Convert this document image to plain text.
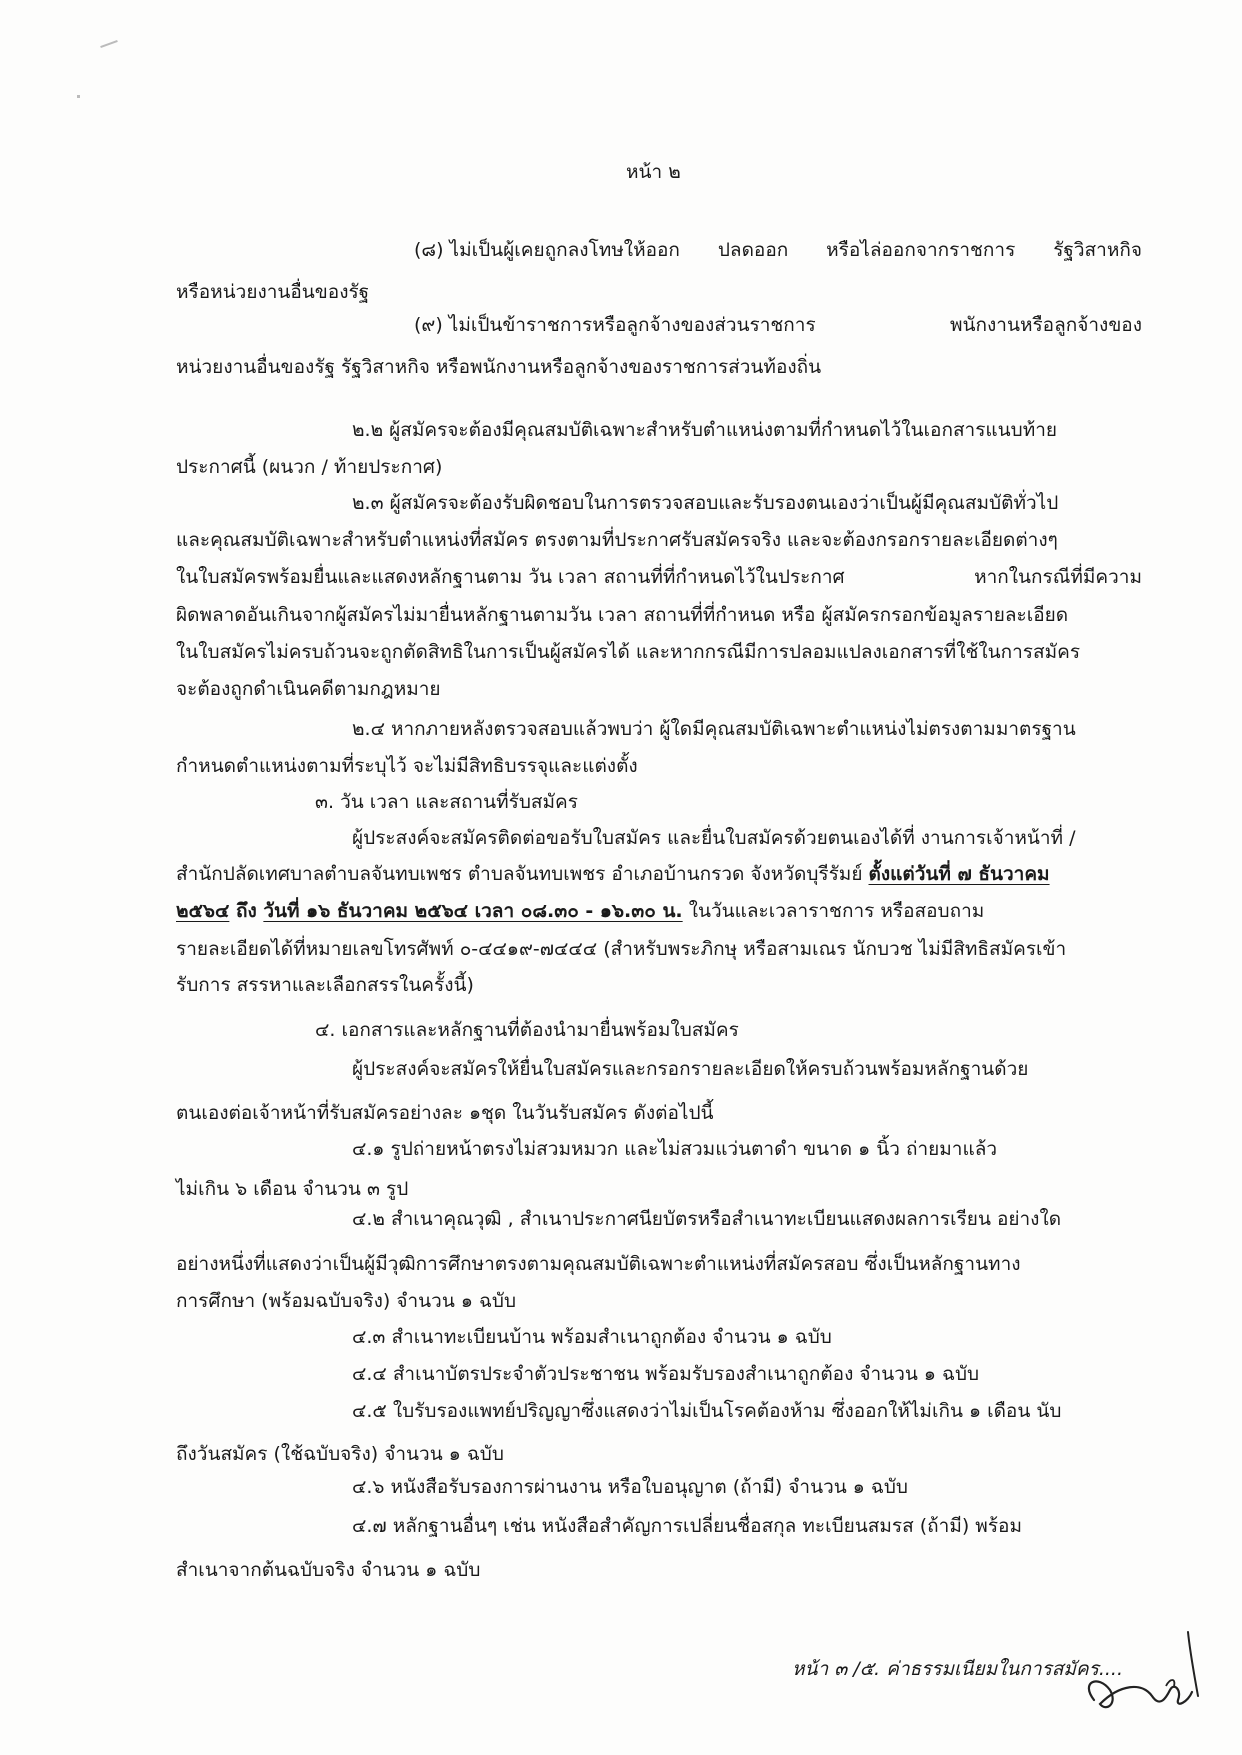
หน้า ๒
(๘) ไม่เป็นผู้เคยถูกลงโทษให้ออก ปลดออก หรือไล่ออกจากราชการ รัฐวิสาหกิจ
หรือหน่วยงานอื่นของรัฐ
(๙) ไม่เป็นข้าราชการหรือลูกจ้างของส่วนราชการ	พนักงานหรือลูกจ้างของ
หน่วยงานอื่นของรัฐ รัฐวิสาหกิจ หรือพนักงานหรือลูกจ้างของราชการส่วนท้องถิ่น
๒.๒ ผู้สมัครจะต้องมีคุณสมบัติเฉพาะสำหรับตำแหน่งตามที่กำหนดไว้ในเอกสารแนบท้าย
ประกาศนี้ (ผนวก / ท้ายประกาศ)
๒.๓ ผู้สมัครจะต้องรับผิดชอบในการตรวจสอบและรับรองตนเองว่าเป็นผู้มีคุณสมบัติทั่วไป
และคุณสมบัติเฉพาะสำหรับตำแหน่งที่สมัคร ตรงตามที่ประกาศรับสมัครจริง และจะต้องกรอกรายละเอียดต่างๆ
ในใบสมัครพร้อมยื่นและแสดงหลักฐานตาม วัน เวลา สถานที่ที่กำหนดไว้ในประกาศ	หากในกรณีที่มีความ
ผิดพลาดอันเกินจากผู้สมัครไม่มายื่นหลักฐานตามวัน เวลา สถานที่ที่กำหนด หรือ ผู้สมัครกรอกข้อมูลรายละเอียด
ในใบสมัครไม่ครบถ้วนจะถูกตัดสิทธิในการเป็นผู้สมัครได้ และหากกรณีมีการปลอมแปลงเอกสารที่ใช้ในการสมัคร
จะต้องถูกดำเนินคดีตามกฎหมาย
๒.๔ หากภายหลังตรวจสอบแล้วพบว่า ผู้ใดมีคุณสมบัติเฉพาะตำแหน่งไม่ตรงตามมาตรฐาน
กำหนดตำแหน่งตามที่ระบุไว้ จะไม่มีสิทธิบรรจุและแต่งตั้ง
๓. วัน เวลา และสถานที่รับสมัคร
ผู้ประสงค์จะสมัครติดต่อขอรับใบสมัคร และยื่นใบสมัครด้วยตนเองได้ที่ งานการเจ้าหน้าที่ /
สำนักปลัดเทศบาลตำบลจันทบเพชร ตำบลจันทบเพชร อำเภอบ้านกรวด จังหวัดบุรีรัมย์ ตั้งแต่วันที่ ๗ ธันวาคม
๒๕๖๔ ถึง วันที่ ๑๖ ธันวาคม ๒๕๖๔ เวลา ๐๘.๓๐ - ๑๖.๓๐ น. ในวันและเวลาราชการ หรือสอบถาม
รายละเอียดได้ที่หมายเลขโทรศัพท์ ๐-๔๔๑๙-๗๔๔๔ (สำหรับพระภิกษุ หรือสามเณร นักบวช ไม่มีสิทธิสมัครเข้า
รับการ สรรหาและเลือกสรรในครั้งนี้)
๔. เอกสารและหลักฐานที่ต้องนำมายื่นพร้อมใบสมัคร
ผู้ประสงค์จะสมัครให้ยื่นใบสมัครและกรอกรายละเอียดให้ครบถ้วนพร้อมหลักฐานด้วย
ตนเองต่อเจ้าหน้าที่รับสมัครอย่างละ ๑ชุด ในวันรับสมัคร ดังต่อไปนี้
๔.๑ รูปถ่ายหน้าตรงไม่สวมหมวก และไม่สวมแว่นตาดำ ขนาด ๑ นิ้ว ถ่ายมาแล้ว
ไม่เกิน ๖ เดือน จำนวน ๓ รูป
๔.๒ สำเนาคุณวุฒิ , สำเนาประกาศนียบัตรหรือสำเนาทะเบียนแสดงผลการเรียน อย่างใด
อย่างหนึ่งที่แสดงว่าเป็นผู้มีวุฒิการศึกษาตรงตามคุณสมบัติเฉพาะตำแหน่งที่สมัครสอบ ซึ่งเป็นหลักฐานทาง
การศึกษา (พร้อมฉบับจริง) จำนวน ๑ ฉบับ
๔.๓ สำเนาทะเบียนบ้าน พร้อมสำเนาถูกต้อง จำนวน ๑ ฉบับ
๔.๔ สำเนาบัตรประจำตัวประชาชน พร้อมรับรองสำเนาถูกต้อง จำนวน ๑ ฉบับ
๔.๕ ใบรับรองแพทย์ปริญญาซึ่งแสดงว่าไม่เป็นโรคต้องห้าม ซึ่งออกให้ไม่เกิน ๑ เดือน นับ
ถึงวันสมัคร (ใช้ฉบับจริง) จำนวน ๑ ฉบับ
๔.๖ หนังสือรับรองการผ่านงาน หรือใบอนุญาต (ถ้ามี) จำนวน ๑ ฉบับ
๔.๗ หลักฐานอื่นๆ เช่น หนังสือสำคัญการเปลี่ยนชื่อสกุล ทะเบียนสมรส (ถ้ามี) พร้อม
สำเนาจากต้นฉบับจริง จำนวน ๑ ฉบับ
หน้า ๓ /๕. ค่าธรรมเนียมในการสมัคร....
